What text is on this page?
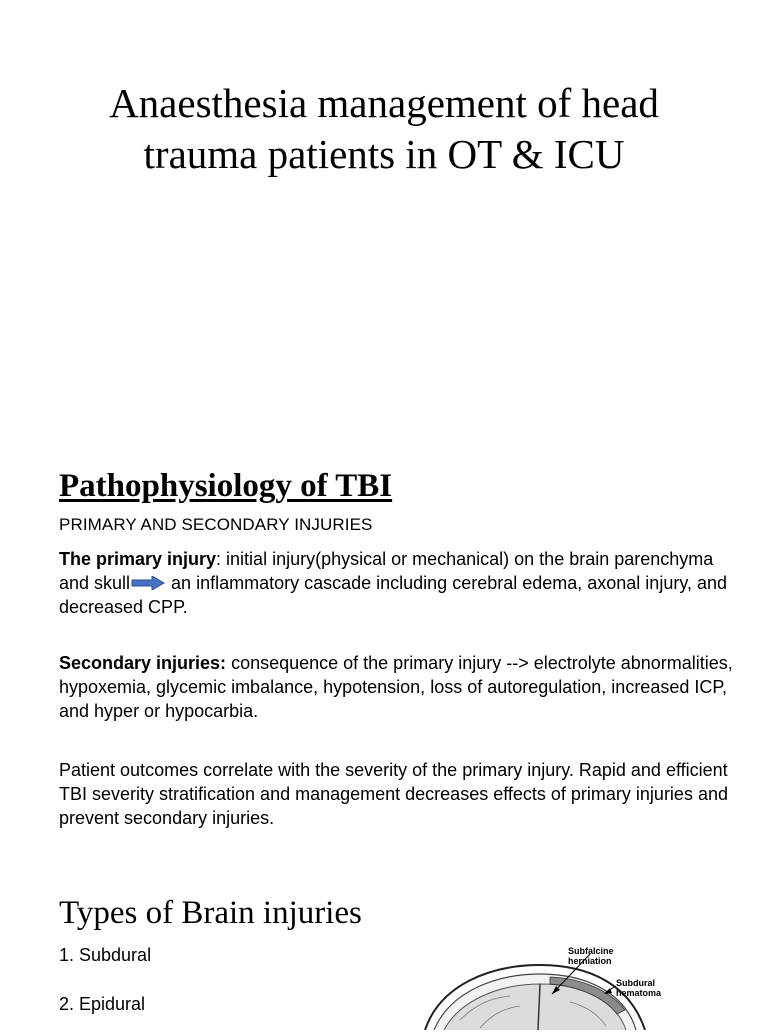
Anaesthesia management of head trauma patients in OT & ICU
Pathophysiology of TBI
PRIMARY AND SECONDARY INJURIES

The primary injury: initial injury(physical or mechanical) on the brain parenchyma and skull an inflammatory cascade including cerebral edema, axonal injury, and decreased CPP.

Secondary injuries: consequence of the primary injury --> electrolyte abnormalities, hypoxemia, glycemic imbalance, hypotension, loss of autoregulation, increased ICP, and hyper or hypocarbia.

Patient outcomes correlate with the severity of the primary injury. Rapid and efficient TBI severity stratification and management decreases effects of primary injuries and prevent secondary injuries.

Types of Brain injuries

1. Subdural

2. Epidural

Subfalcine
herniation
Subdural
hematoma
